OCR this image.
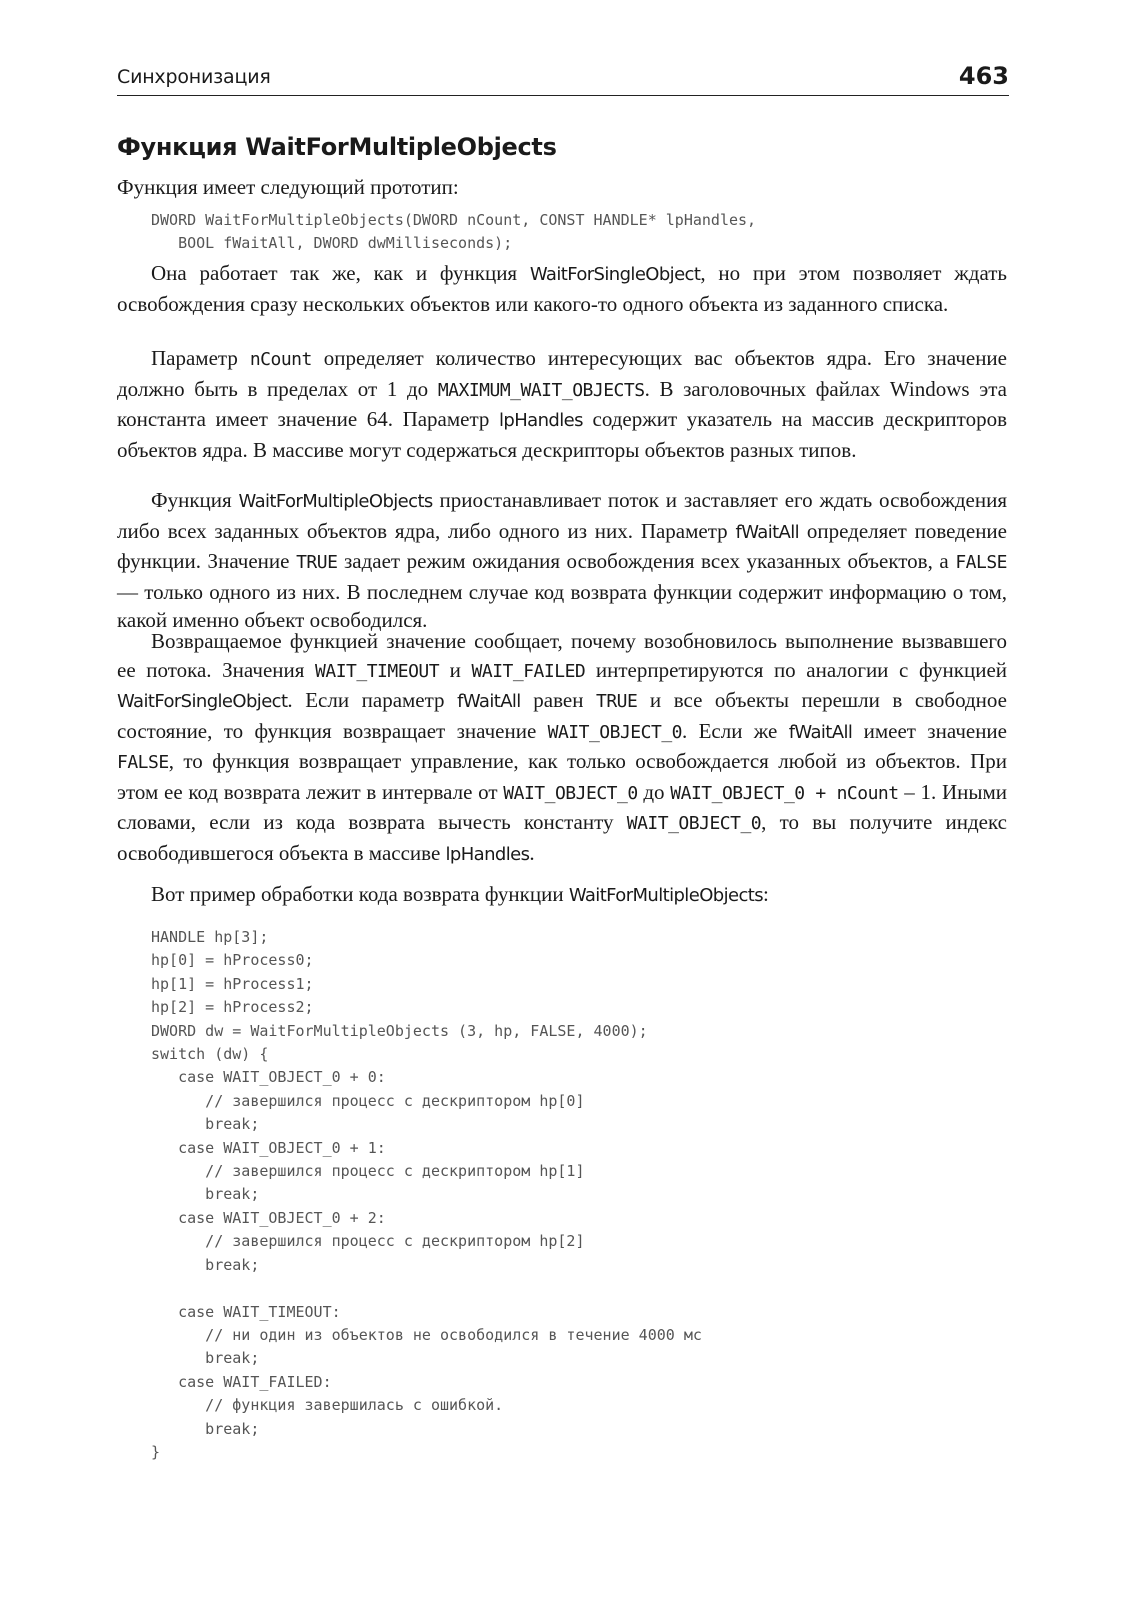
Синхронизация	463
Функция WaitForMultipleObjects

Функция имеет следующий прототип:

DWORD WaitForMultipleObjects(DWORD nCount, CONST HANDLE* lpHandles,
BOOL fWaitAll, DWORD dwMilliseconds);

Она работает так же, как и функция WaitForSingleObject, но при этом позволяет ждать освобождения сразу нескольких объектов или какого-то одного объекта из заданного списка.

Параметр nCount определяет количество интересующих вас объектов ядра. Его значение должно быть в пределах от 1 до MAXIMUM_WAIT_OBJECTS. В заголовочных файлах Windows эта константа имеет значение 64. Параметр lpHandles содержит указатель на массив дескрипторов объектов ядра. В массиве могут содержаться дескрипторы объектов разных типов.

Функция WaitForMultipleObjects приостанавливает поток и заставляет его ждать освобождения либо всех заданных объектов ядра, либо одного из них. Параметр fWaitAll определяет поведение функции. Значение TRUE задает режим ожидания освобождения всех указанных объектов, а FALSE — только одного из них. В последнем случае код возврата функции содержит информацию о том, какой именно объект освободился.

Возвращаемое функцией значение сообщает, почему возобновилось выполнение вызвавшего ее потока. Значения WAIT_TIMEOUT и WAIT_FAILED интерпретируются по аналогии с функцией WaitForSingleObject. Если параметр fWaitAll равен TRUE и все объекты перешли в свободное состояние, то функция возвращает значение WAIT_OBJECT_0. Если же fWaitAll имеет значение FALSE, то функция возвращает управление, как только освобождается любой из объектов. При этом ее код возврата лежит в интервале от WAIT_OBJECT_0 до WAIT_OBJECT_0 + nCount – 1. Иными словами, если из кода возврата вычесть константу WAIT_OBJECT_0, то вы получите индекс освободившегося объекта в массиве lpHandles.

Вот пример обработки кода возврата функции WaitForMultipleObjects:

HANDLE hp[3];
hp[0] = hProcess0;
hp[1] = hProcess1;
hp[2] = hProcess2;
DWORD dw = WaitForMultipleObjects (3, hp, FALSE, 4000);
switch (dw) {
case WAIT_OBJECT_0 + 0:
// завершился процесс с дескриптором hp[0]
break;
case WAIT_OBJECT_0 + 1:
// завершился процесс с дескриптором hp[1]
break;
case WAIT_OBJECT_0 + 2:
// завершился процесс с дескриптором hp[2]
break;

case WAIT_TIMEOUT:
// ни один из объектов не освободился в течение 4000 мс
break;
case WAIT_FAILED:
// функция завершилась с ошибкой.
break;
}
